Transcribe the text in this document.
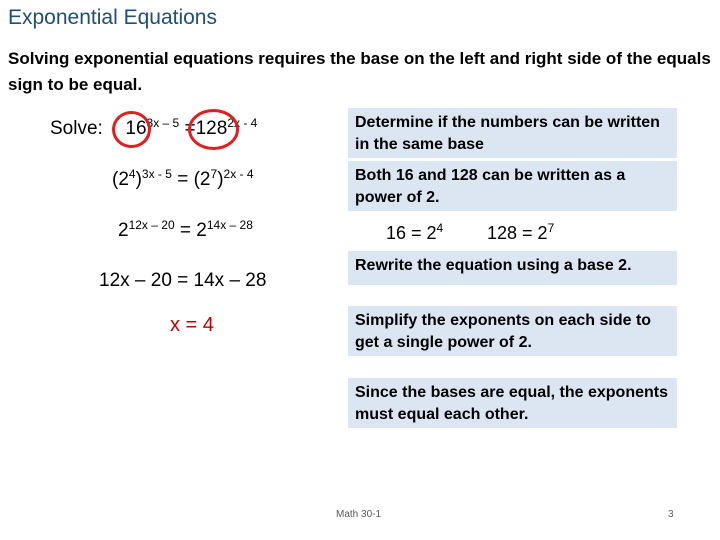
Exponential Equations
Solving exponential equations requires the base on the left and right side of the equals sign to be equal.
Solve: $16^{3x - 5} =128^{2x - 4}$
$(2^4)^{3x - 5} = (2^7)^{2x - 4}$
$2^{12x - 20} = 2^{14x - 28}$
12x – 20 = 14x – 28
x = 4
Determine if the numbers can be written in the same base
Both 16 and 128 can be written as a power of 2.
$16 = 2^4$ $128 = 2^7$
Rewrite the equation using a base 2.
Simplify the exponents on each side to get a single power of 2.
Since the bases are equal, the exponents must equal each other.
Math 30-1	3
